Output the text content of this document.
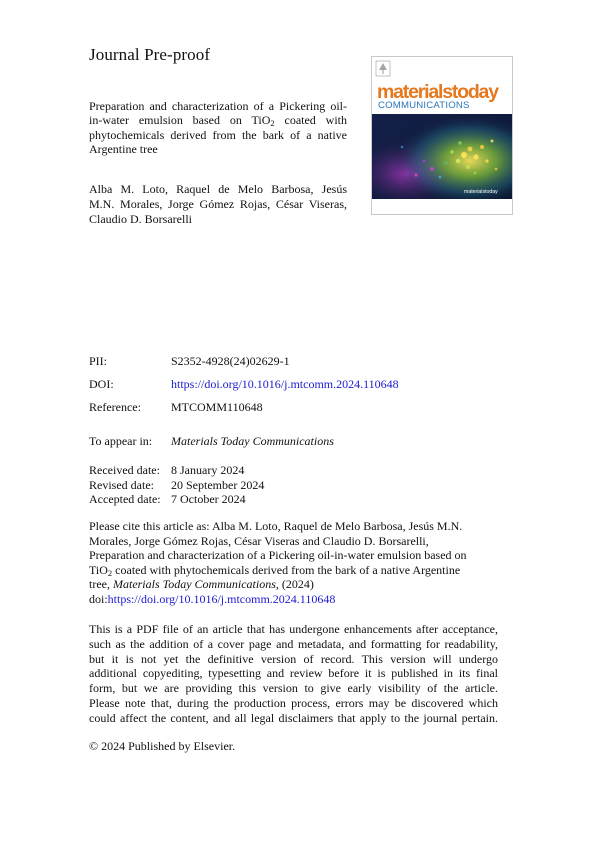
Journal Pre-proof
Preparation and characterization of a Pickering oil-
in-water emulsion based on TiO$_2$ coated with
phytochemicals derived from the bark of a native
Argentine tree
Alba M. Loto, Raquel de Melo Barbosa, Jesús
M.N. Morales, Jorge Gómez Rojas, César Viseras,
Claudio D. Borsarelli
materialstoday
COMMUNICATIONS
materialstoday
PII:	S2352-4928(24)02629-1
DOI:	https://doi.org/10.1016/j.mtcomm.2024.110648
Reference:	MTCOMM110648
To appear in: Materials Today Communications
Received date: 8 January 2024
Revised date: 20 September 2024
Accepted date: 7 October 2024
Please cite this article as: Alba M. Loto, Raquel de Melo Barbosa, Jesús M.N.
Morales, Jorge Gómez Rojas, César Viseras and Claudio D. Borsarelli,
Preparation and characterization of a Pickering oil-in-water emulsion based on
TiO$_2$ coated with phytochemicals derived from the bark of a native Argentine
tree, Materials Today Communications, (2024)
doi:https://doi.org/10.1016/j.mtcomm.2024.110648
This is a PDF file of an article that has undergone enhancements after acceptance,
such as the addition of a cover page and metadata, and formatting for readability,
but it is not yet the definitive version of record. This version will undergo
additional copyediting, typesetting and review before it is published in its final
form, but we are providing this version to give early visibility of the article.
Please note that, during the production process, errors may be discovered which
could affect the content, and all legal disclaimers that apply to the journal pertain.
© 2024 Published by Elsevier.
